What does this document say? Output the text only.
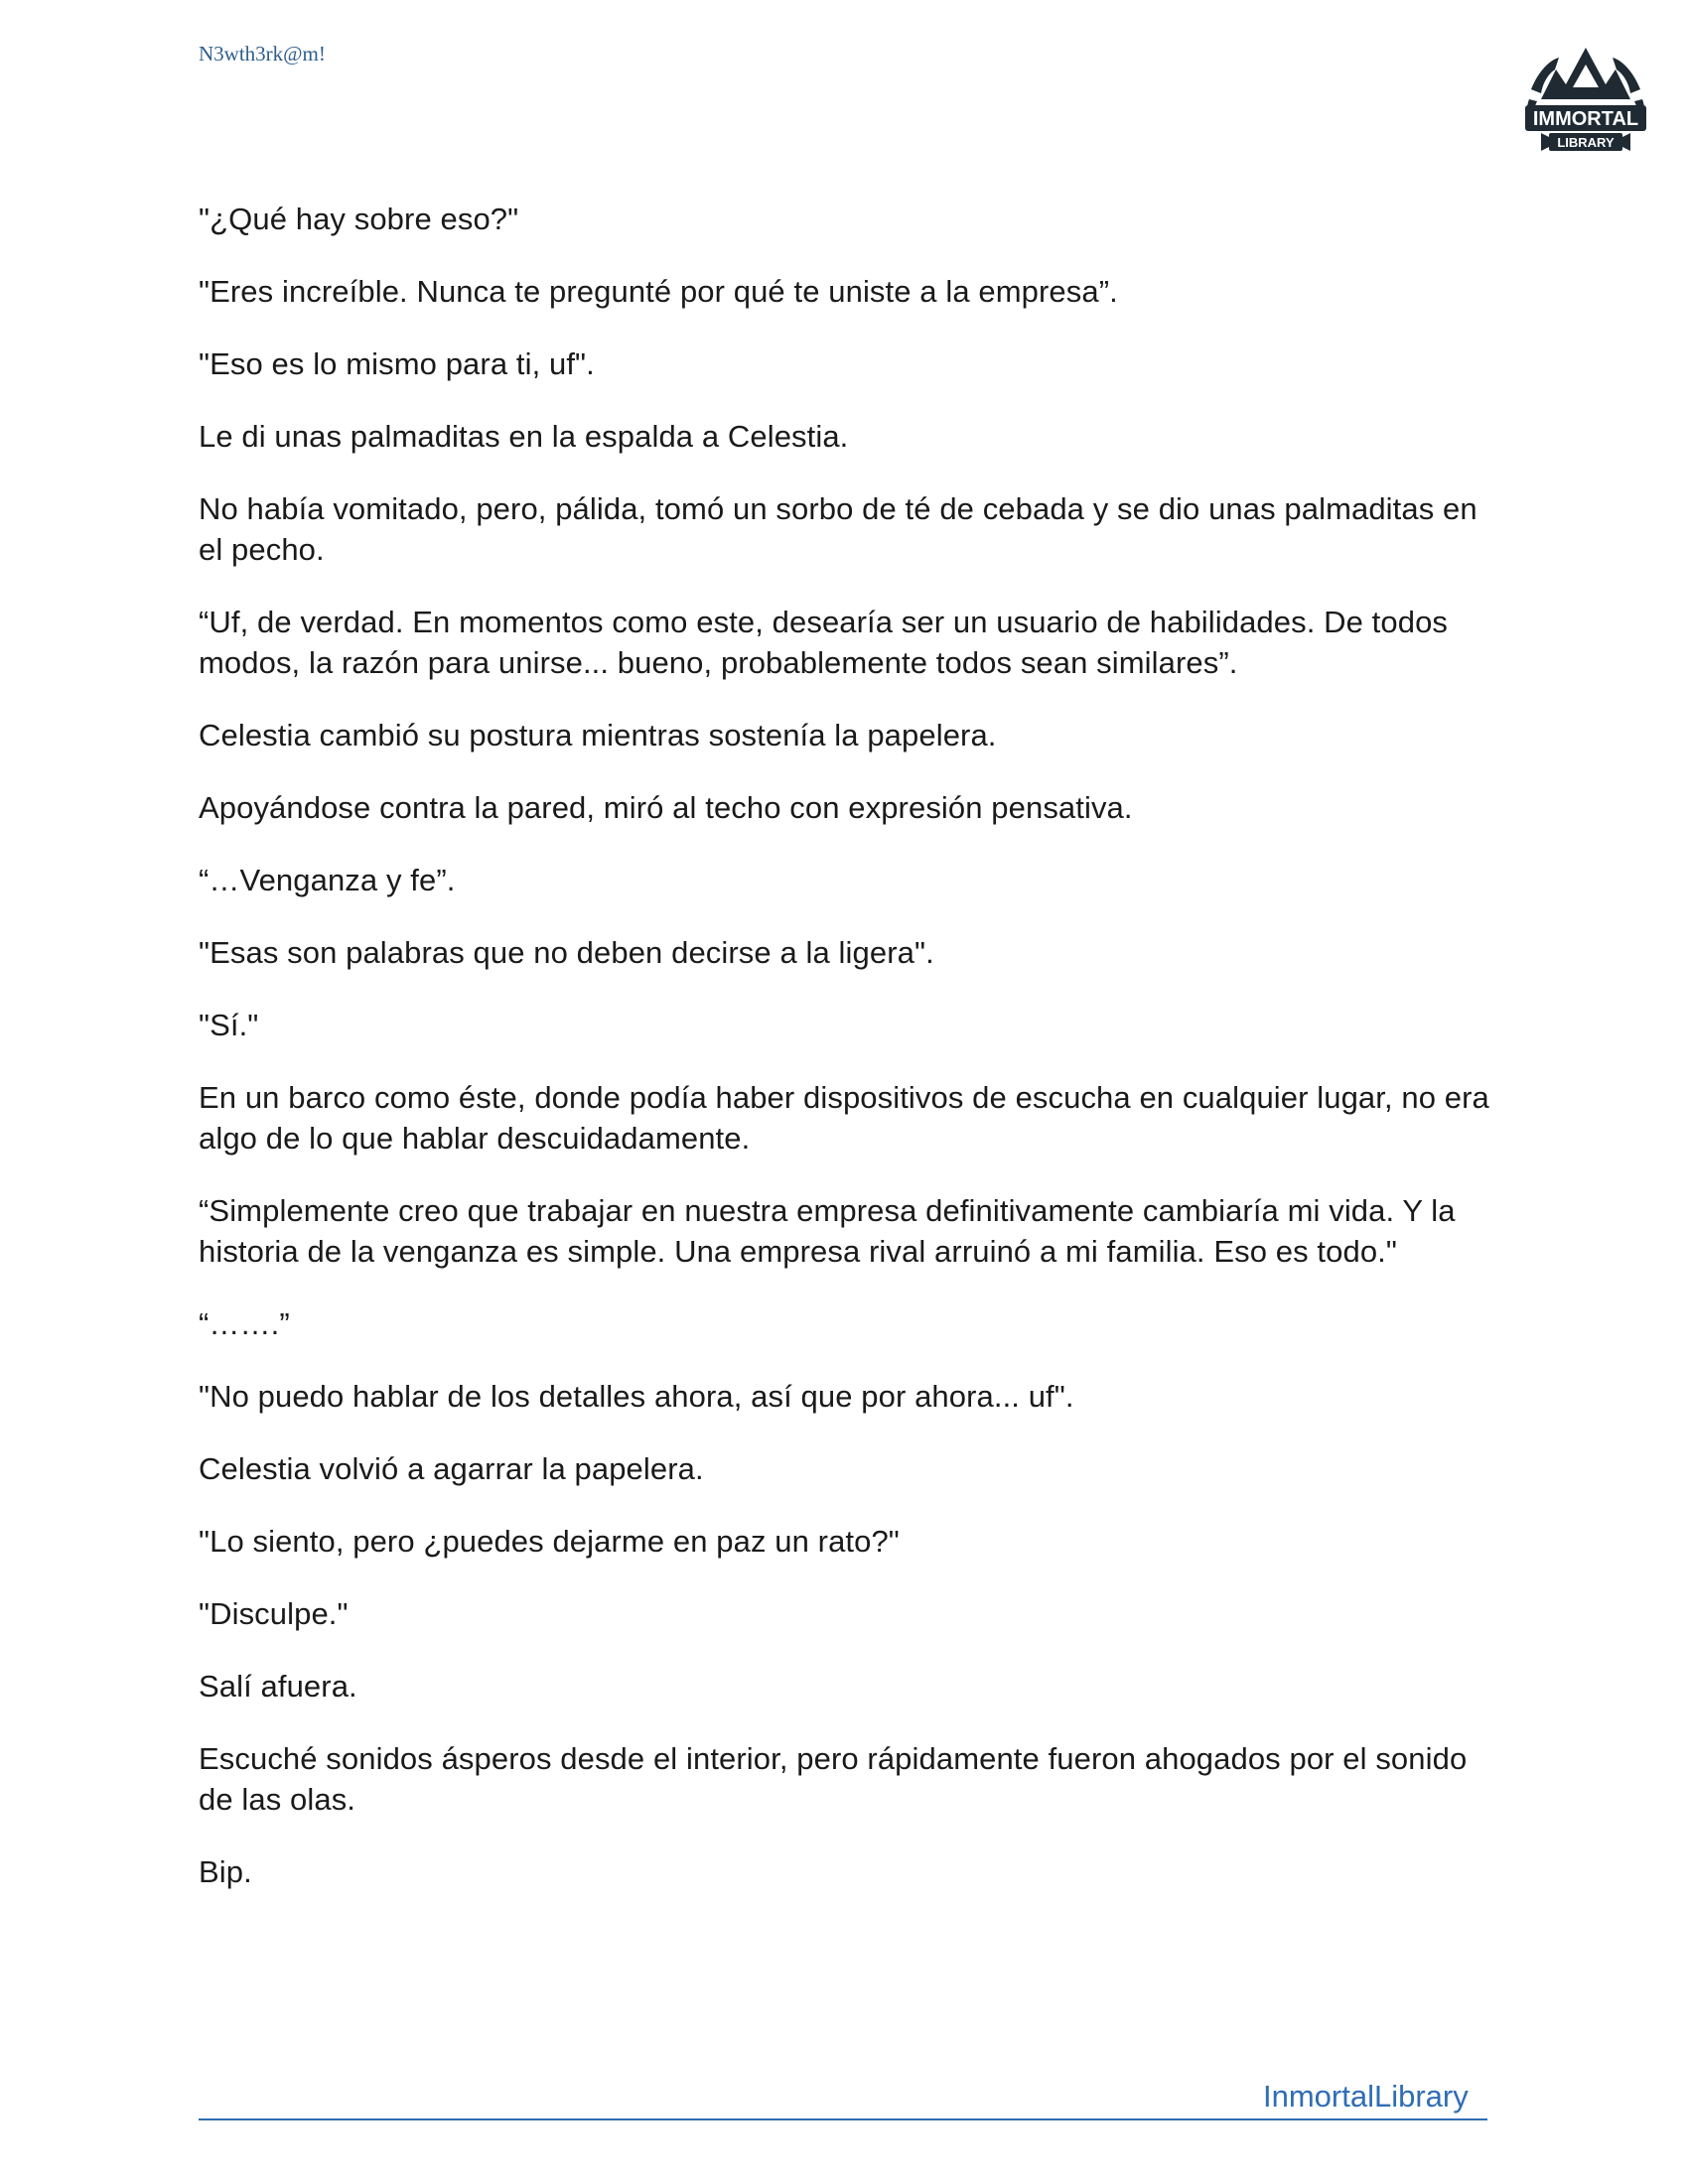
N3wth3rk@m!
IMMORTAL
LIBRARY

"¿Qué hay sobre eso?"

"Eres increíble. Nunca te pregunté por qué te uniste a la empresa”.

"Eso es lo mismo para ti, uf".

Le di unas palmaditas en la espalda a Celestia.

No había vomitado, pero, pálida, tomó un sorbo de té de cebada y se dio unas palmaditas en el pecho.

“Uf, de verdad. En momentos como este, desearía ser un usuario de habilidades. De todos modos, la razón para unirse... bueno, probablemente todos sean similares”.

Celestia cambió su postura mientras sostenía la papelera.

Apoyándose contra la pared, miró al techo con expresión pensativa.

“…Venganza y fe”.

"Esas son palabras que no deben decirse a la ligera".

"Sí."

En un barco como éste, donde podía haber dispositivos de escucha en cualquier lugar, no era algo de lo que hablar descuidadamente.

“Simplemente creo que trabajar en nuestra empresa definitivamente cambiaría mi vida. Y la historia de la venganza es simple. Una empresa rival arruinó a mi familia. Eso es todo."

“…….”

"No puedo hablar de los detalles ahora, así que por ahora... uf".

Celestia volvió a agarrar la papelera.

"Lo siento, pero ¿puedes dejarme en paz un rato?"

"Disculpe."

Salí afuera.

Escuché sonidos ásperos desde el interior, pero rápidamente fueron ahogados por el sonido de las olas.

Bip.

InmortalLibrary
